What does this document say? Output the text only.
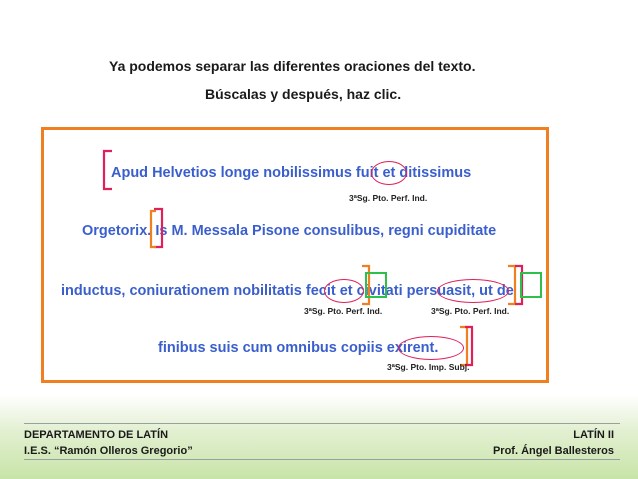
Ya podemos separar las diferentes oraciones del texto.
Búscalas y después, haz clic.
Apud Helvetios longe nobilissimus fuit et ditissimus
Orgetorix. Is M. Messala Pisone consulibus, regni cupiditate
inductus, coniurationem nobilitatis fecit et civitati persuasit, ut de
finibus suis cum omnibus copiis exirent.
3ªSg. Pto. Perf. Ind.
3ªSg. Pto. Perf. Ind.	3ªSg. Pto. Perf. Ind.
3ªSg. Pto. Imp. Subj.
DEPARTAMENTO DE LATÍN
I.E.S. “Ramón Olleros Gregorio”
LATÍN II
Prof. Ángel Ballesteros
